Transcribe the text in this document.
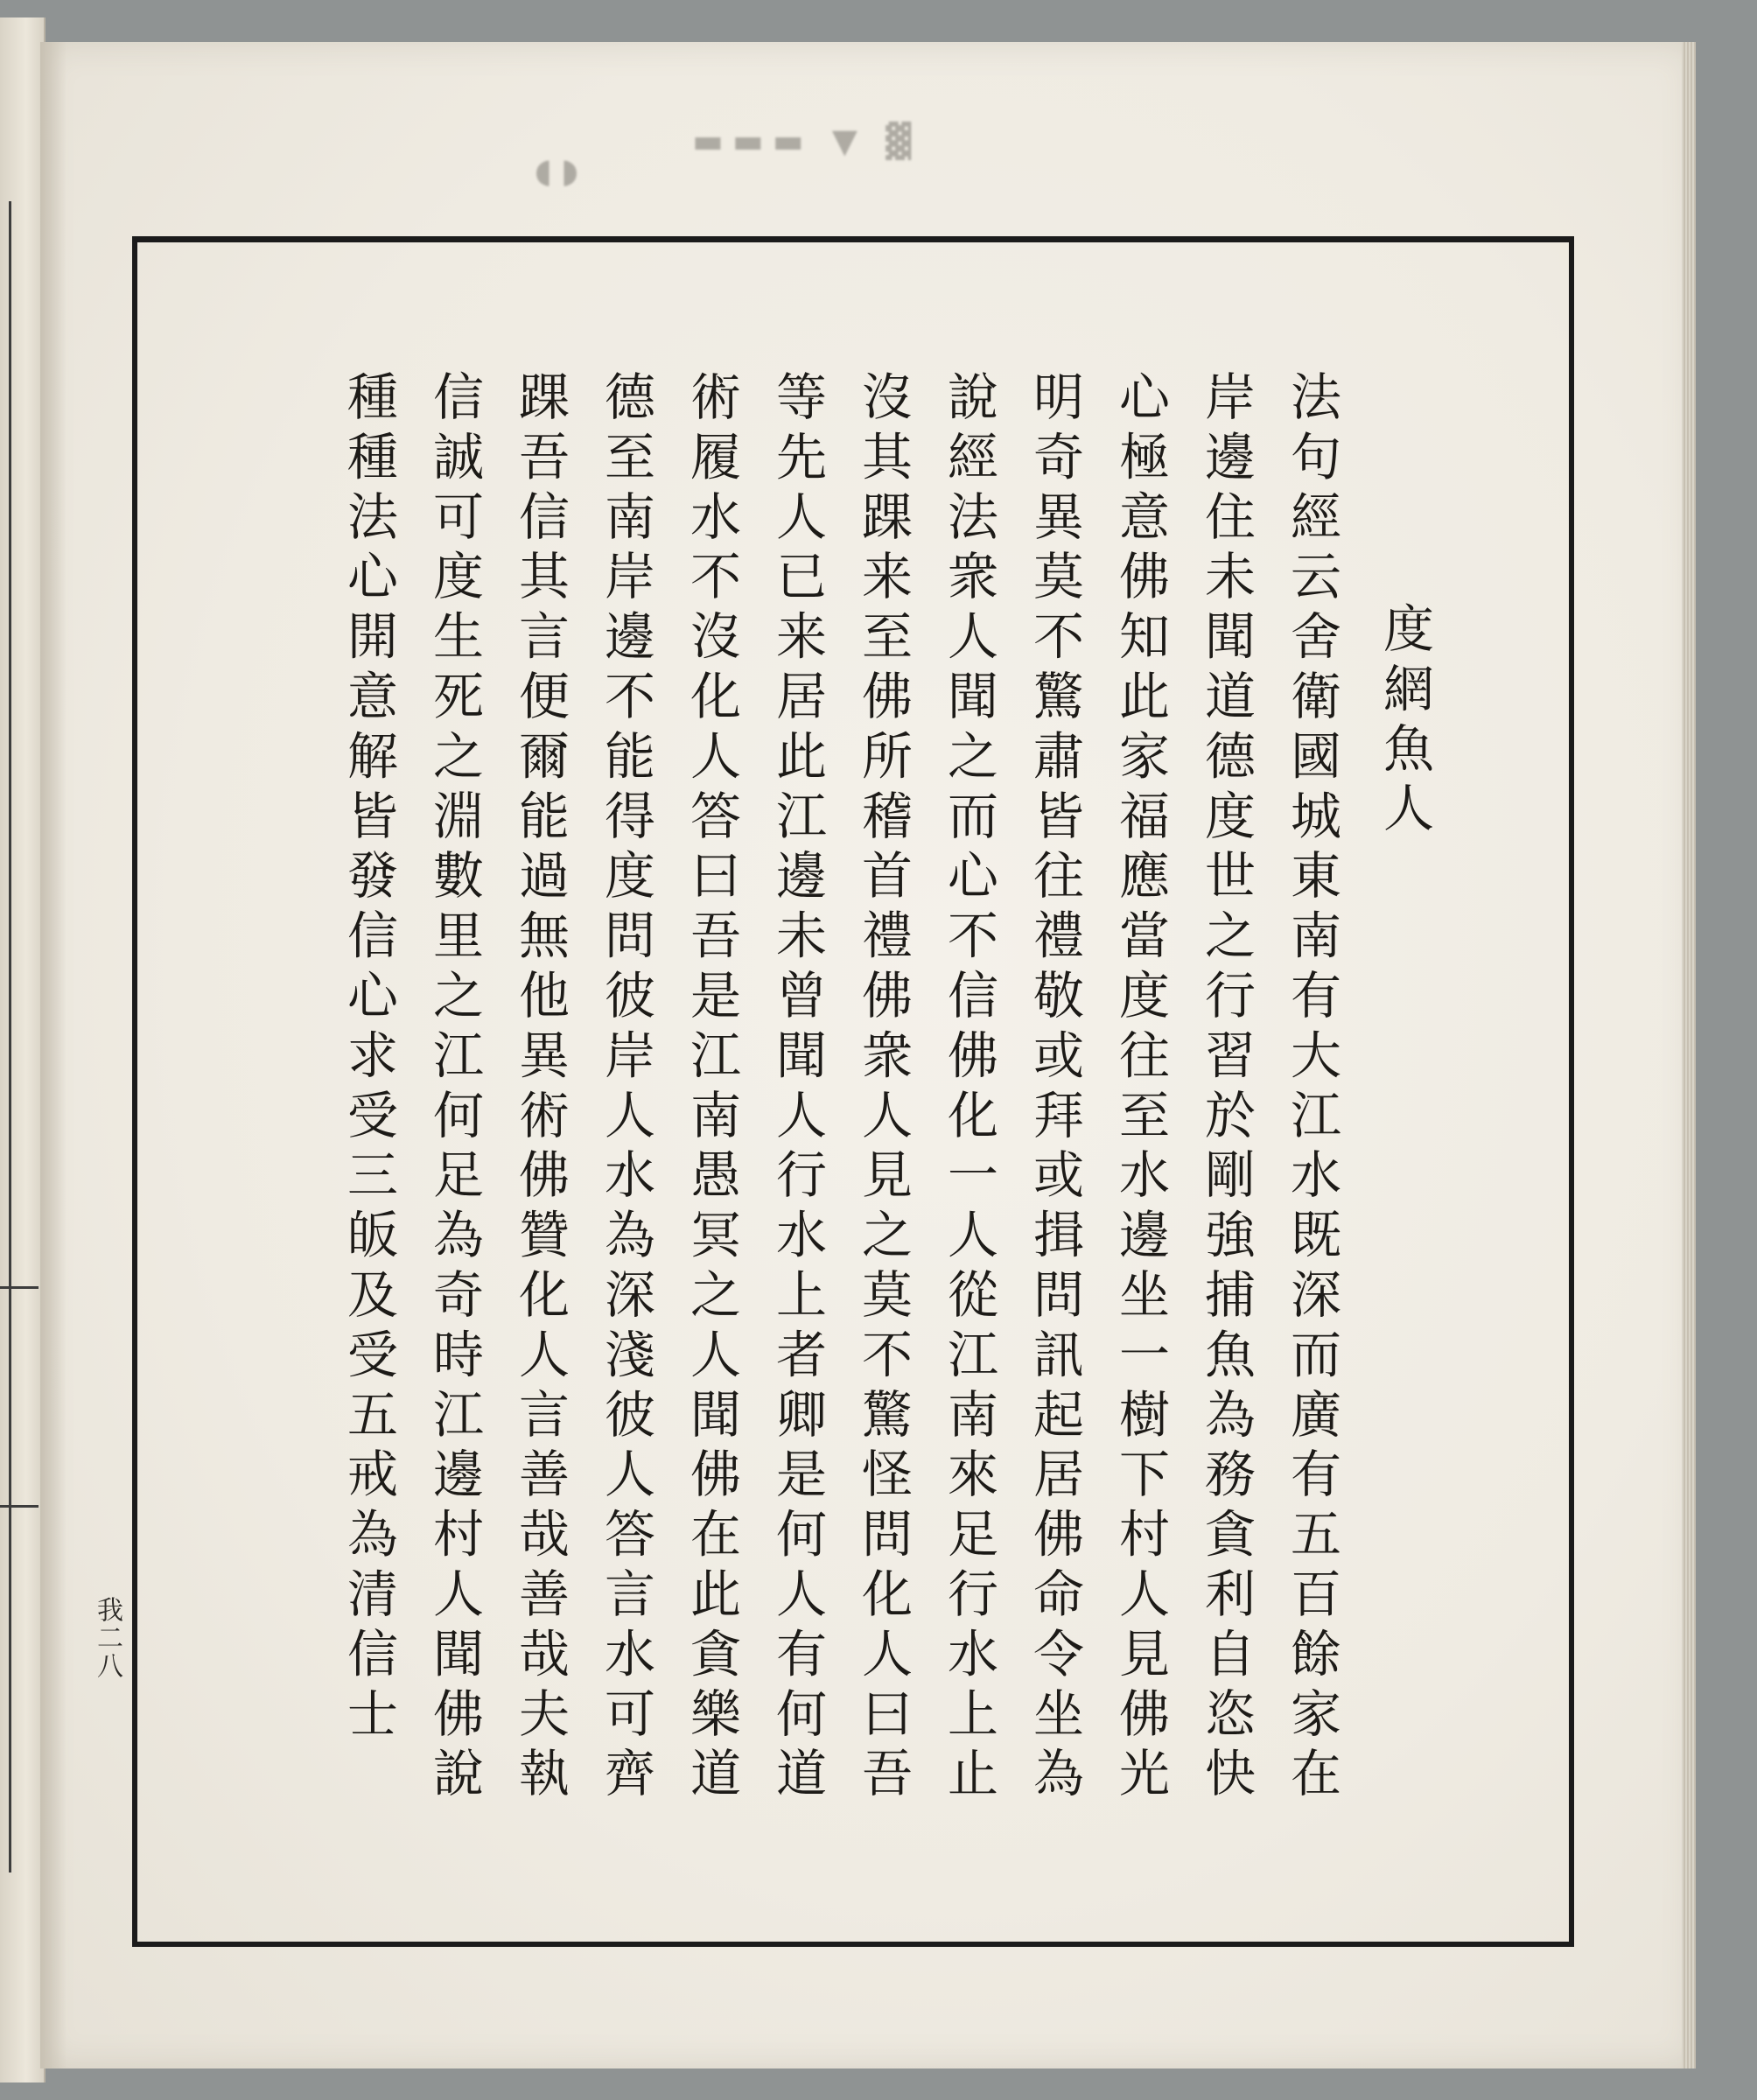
▬▬▬ ▼ ▓
◖◗
度網魚人
法句經云舍衛國城東南有大江水既深而廣有五百餘家在
岸邊住未聞道德度世之行習於剛強捕魚為務貪利自恣快
心極意佛知此家福應當度往至水邊坐一樹下村人見佛光
明奇異莫不驚肅皆往禮敬或拜或揖問訊起居佛命令坐為
說經法衆人聞之而心不信佛化一人從江南來足行水上止
沒其踝来至佛所稽首禮佛衆人見之莫不驚怪問化人曰吾
等先人已来居此江邊未曾聞人行水上者卿是何人有何道
術履水不沒化人答曰吾是江南愚冥之人聞佛在此貪樂道
德至南岸邊不能得度問彼岸人水為深淺彼人答言水可齊
踝吾信其言便爾能過無他異術佛贊化人言善哉善哉夫執
信誠可度生死之淵數里之江何足為奇時江邊村人聞佛說
種種法心開意解皆發信心求受三皈及受五戒為清信士
我二八
